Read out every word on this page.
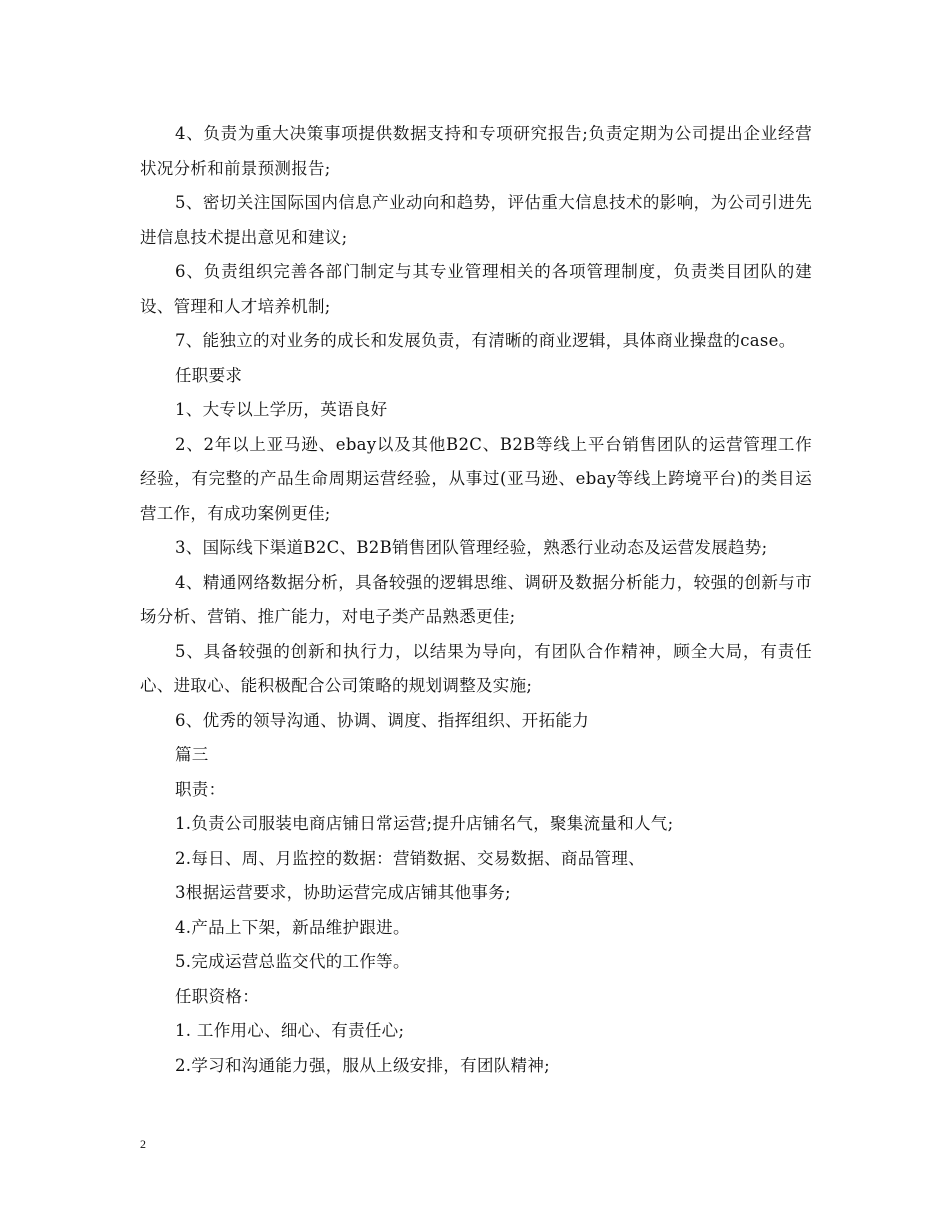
4、负责为重大决策事项提供数据支持和专项研究报告;负责定期为公司提出企业经营状况分析和前景预测报告;

5、密切关注国际国内信息产业动向和趋势，评估重大信息技术的影响，为公司引进先进信息技术提出意见和建议;

6、负责组织完善各部门制定与其专业管理相关的各项管理制度，负责类目团队的建设、管理和人才培养机制;

7、能独立的对业务的成长和发展负责，有清晰的商业逻辑，具体商业操盘的case。

任职要求

1、大专以上学历，英语良好

2、2年以上亚马逊、ebay以及其他B2C、B2B等线上平台销售团队的运营管理工作经验，有完整的产品生命周期运营经验，从事过(亚马逊、ebay等线上跨境平台)的类目运营工作，有成功案例更佳;

3、国际线下渠道B2C、B2B销售团队管理经验，熟悉行业动态及运营发展趋势;

4、精通网络数据分析，具备较强的逻辑思维、调研及数据分析能力，较强的创新与市场分析、营销、推广能力，对电子类产品熟悉更佳;

5、具备较强的创新和执行力，以结果为导向，有团队合作精神，顾全大局，有责任心、进取心、能积极配合公司策略的规划调整及实施;

6、优秀的领导沟通、协调、调度、指挥组织、开拓能力

篇三

职责：

1.负责公司服装电商店铺日常运营;提升店铺名气，聚集流量和人气;

2.每日、周、月监控的数据：营销数据、交易数据、商品管理、

3根据运营要求，协助运营完成店铺其他事务;

4.产品上下架，新品维护跟进。

5.完成运营总监交代的工作等。

任职资格：

1. 工作用心、细心、有责任心;

2.学习和沟通能力强，服从上级安排，有团队精神;

2
